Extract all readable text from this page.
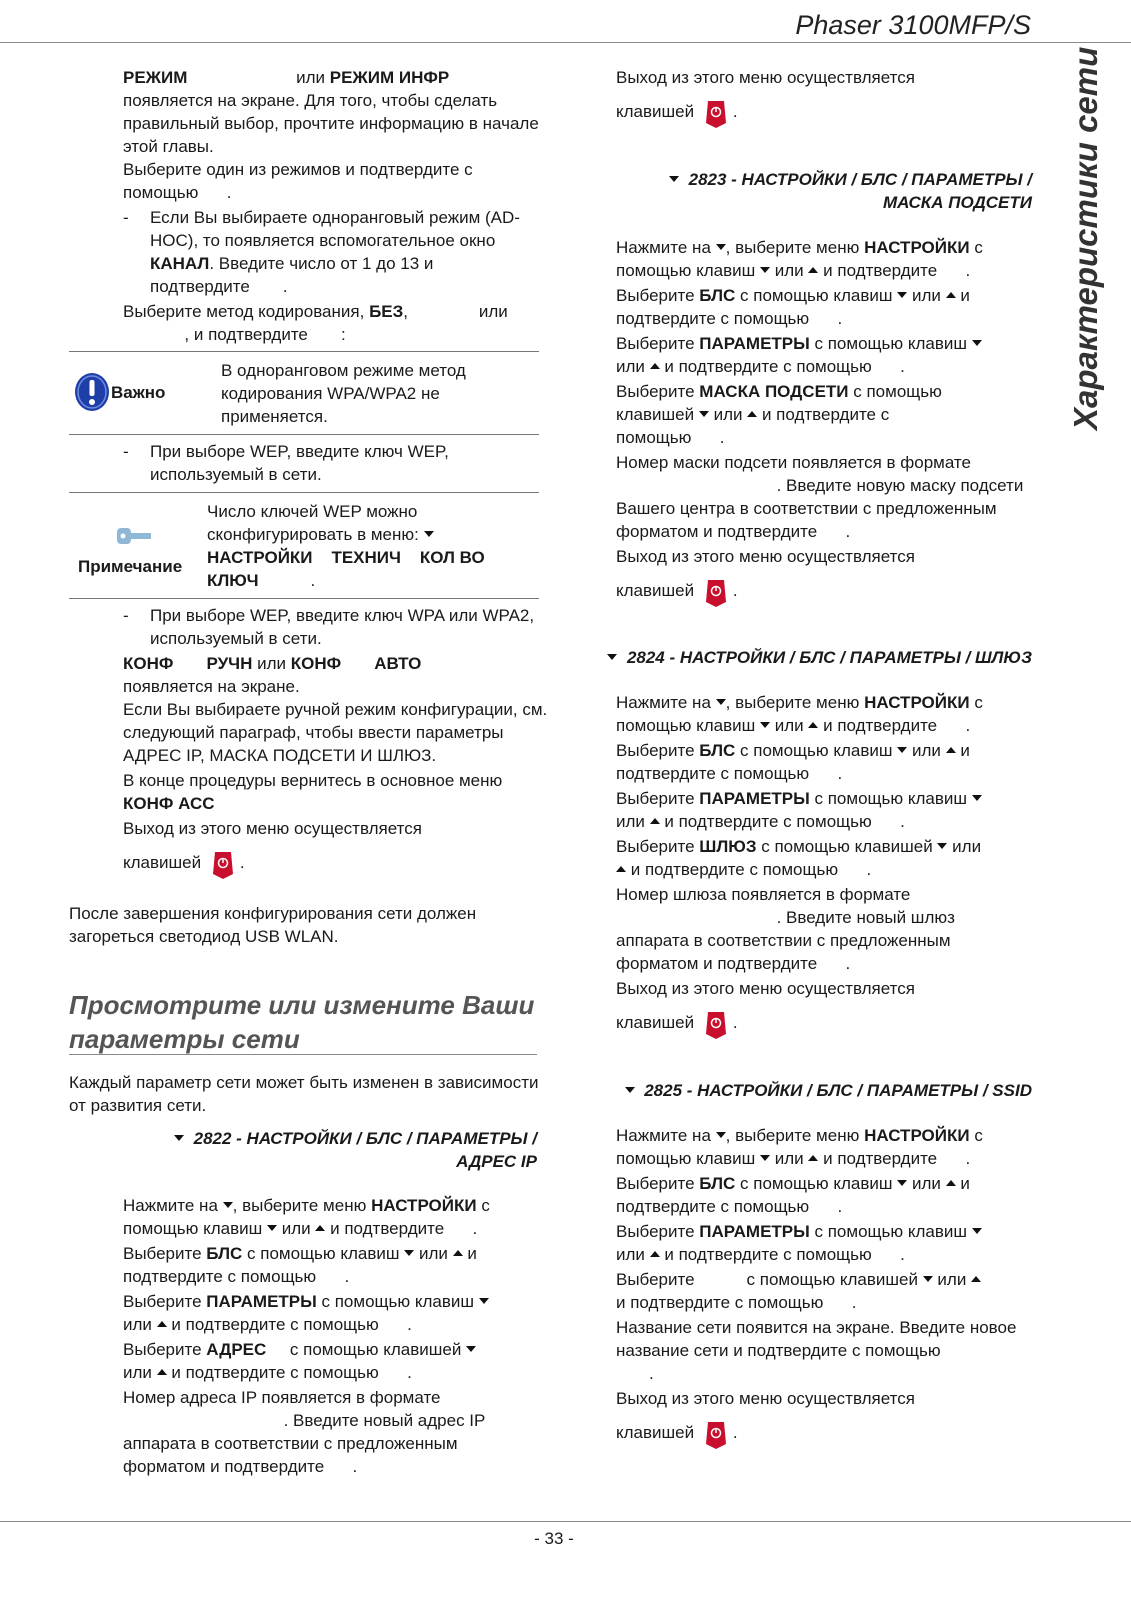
Phaser 3100MFP/S
Характеристики сети

РЕЖИМ	или РЕЖИМ ИНФР

появляется на экране. Для того, чтобы сделать правильный выбор, прочтите информацию в начале этой главы.

Выберите один из режимов и подтвердите с помощью      .

-	Если Вы выбираете одноранговый режим (AD-HOC), то появляется вспомогательное окно КАНАЛ. Введите число от 1 до 13 и подтвердите       .

Выберите метод кодирования, БЕЗ,               или
, и подтвердите :

Важно
В одноранговом режиме метод кодирования WPA/WPA2 не применяется.
-	При выборе WEP, введите ключ WEP, используемый в сети.
Примечание
Число ключей WEP можно сконфигурировать в меню:
НАСТРОЙКИ ТЕХНИЧ КОЛ ВО
КЛЮЧ	.
-	При выборе WEP, введите ключ WPA или WPA2, используемый в сети.

КОНФ РУЧН или КОНФ АВТО

появляется на экране.

Если Вы выбираете ручной режим конфигурации, см. следующий параграф, чтобы ввести параметры АДРЕС IP, МАСКА ПОДСЕТИ И ШЛЮЗ.

В конце процедуры вернитесь в основное меню
КОНФ АСС

Выход из этого меню осуществляется

клавишей .

После завершения конфигурирования сети должен загореться светодиод USB WLAN.

Просмотрите или измените Ваши параметры сети
Каждый параметр сети может быть изменен в зависимости от развития сети.
2822 - НАСТРОЙКИ / БЛС / ПАРАМЕТРЫ /
АДРЕС IP

Нажмите на , выберите меню НАСТРОЙКИ с
помощью клавиш  или  и подтвердите      .

Выберите БЛС с помощью клавиш  или  и
подтвердите с помощью      .

Выберите ПАРАМЕТРЫ с помощью клавиш
или и подтвердите с помощью      .

Выберите АДРЕС с помощью клавишей
или  и подтвердите с помощью      .

Номер адреса IP появляется в формате
. Введите новый адрес IP
аппарата в соответствии с предложенным
форматом и подтвердите      .

Выход из этого меню осуществляется

клавишей .

2823 - НАСТРОЙКИ / БЛС / ПАРАМЕТРЫ /
МАСКА ПОДСЕТИ

Нажмите на , выберите меню НАСТРОЙКИ с
помощью клавиш или и подтвердите .

Выберите БЛС с помощью клавиш  или  и
подтвердите с помощью      .

Выберите ПАРАМЕТРЫ с помощью клавиш
или  и подтвердите с помощью      .

Выберите МАСКА ПОДСЕТИ с помощью
клавишей  или  и подтвердите с
помощью      .

Номер маски подсети появляется в формате
. Введите новую маску подсети
Вашего центра в соответствии с предложенным
форматом и подтвердите      .

Выход из этого меню осуществляется

клавишей .

2824 - НАСТРОЙКИ / БЛС / ПАРАМЕТРЫ / ШЛЮЗ

Нажмите на , выберите меню НАСТРОЙКИ с
помощью клавиш  или  и подтвердите      .

Выберите БЛС с помощью клавиш  или  и
подтвердите с помощью      .

Выберите ПАРАМЕТРЫ с помощью клавиш
или  и подтвердите с помощью      .

Выберите ШЛЮЗ с помощью клавишей  или
и подтвердите с помощью      .

Номер шлюза появляется в формате
. Введите новый шлюз
аппарата в соответствии с предложенным
форматом и подтвердите      .

Выход из этого меню осуществляется

клавишей .

2825 - НАСТРОЙКИ / БЛС / ПАРАМЕТРЫ / SSID

Нажмите на , выберите меню НАСТРОЙКИ с
помощью клавиш  или  и подтвердите      .

Выберите БЛС с помощью клавиш  или  и
подтвердите с помощью      .

Выберите ПАРАМЕТРЫ с помощью клавиш
или  и подтвердите с помощью      .

Выберите           с помощью клавишей  или
и подтвердите с помощью      .

Название сети появится на экране. Введите новое название сети и подтвердите с помощью
.

Выход из этого меню осуществляется

клавишей .

- 33 -
